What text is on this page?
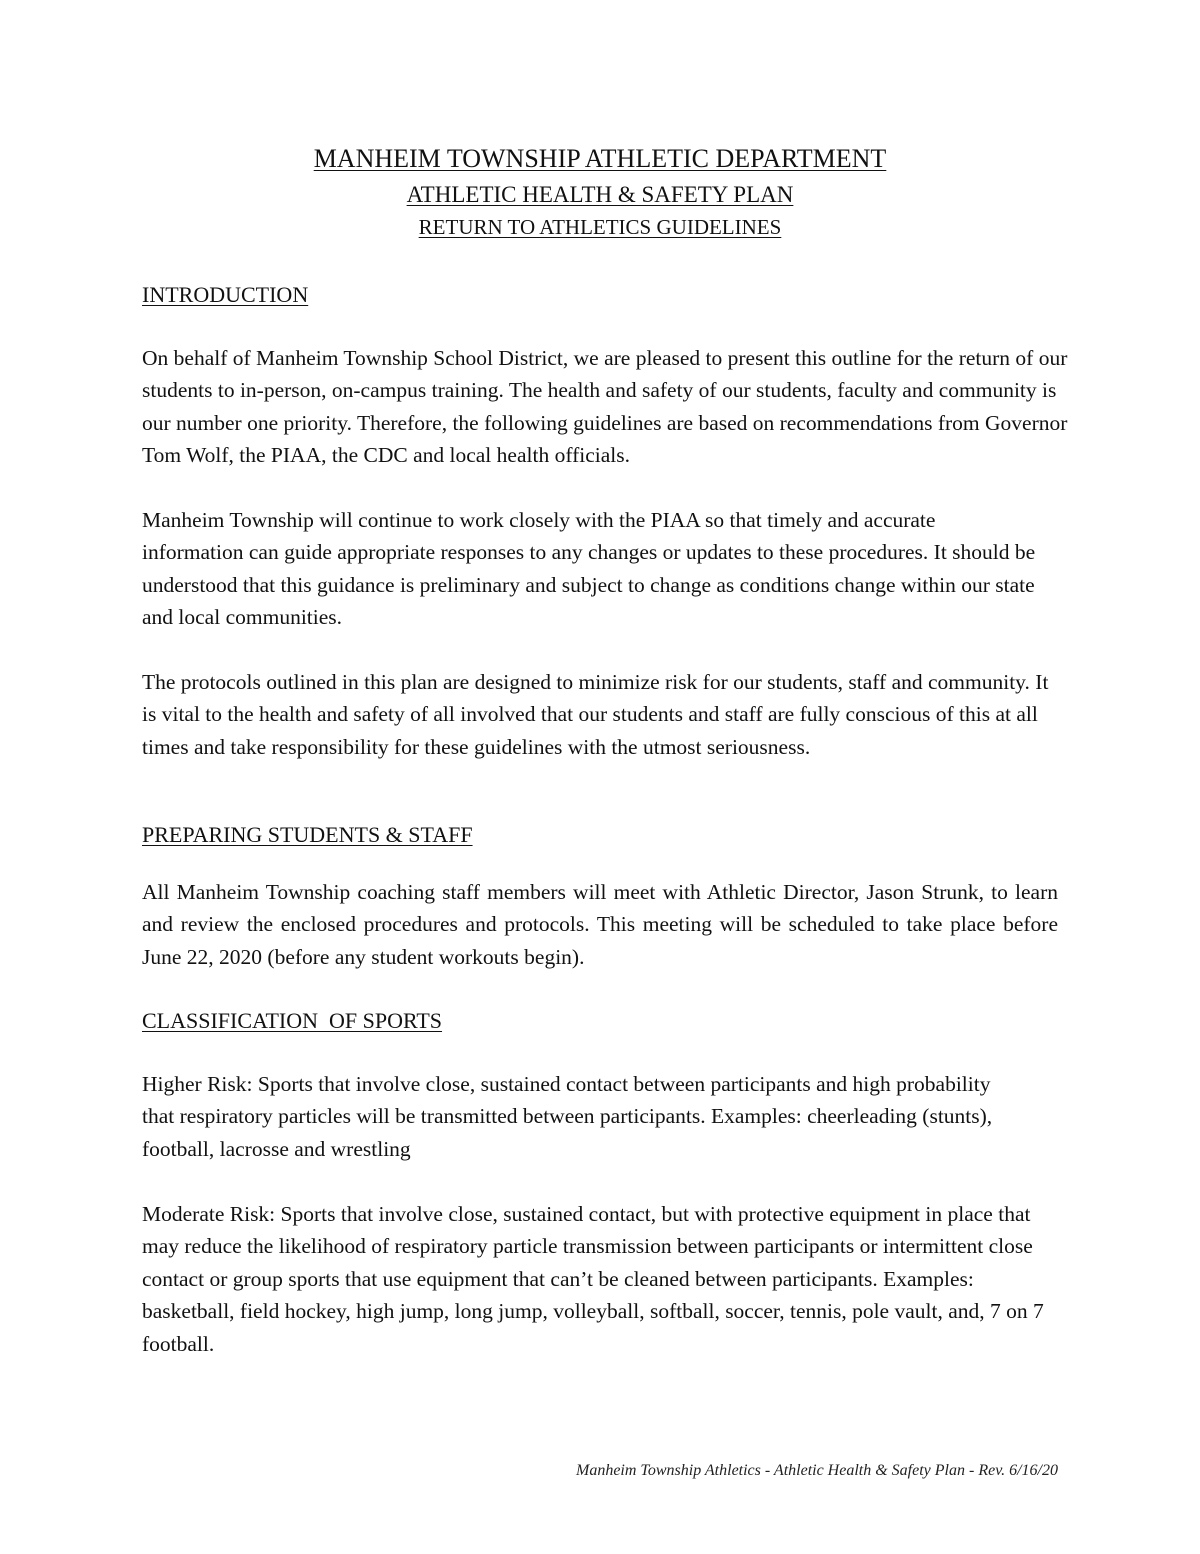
MANHEIM TOWNSHIP ATHLETIC DEPARTMENT
ATHLETIC HEALTH & SAFETY PLAN
RETURN TO ATHLETICS GUIDELINES
INTRODUCTION

On behalf of Manheim Township School District, we are pleased to present this outline for the return of our students to in-person, on-campus training. The health and safety of our students, faculty and community is our number one priority. Therefore, the following guidelines are based on recommendations from Governor Tom Wolf, the PIAA, the CDC and local health officials.

Manheim Township will continue to work closely with the PIAA so that timely and accurate information can guide appropriate responses to any changes or updates to these procedures. It should be understood that this guidance is preliminary and subject to change as conditions change within our state and local communities.

The protocols outlined in this plan are designed to minimize risk for our students, staff and community. It is vital to the health and safety of all involved that our students and staff are fully conscious of this at all times and take responsibility for these guidelines with the utmost seriousness.

PREPARING STUDENTS & STAFF

All Manheim Township coaching staff members will meet with Athletic Director, Jason Strunk, to learn and review the enclosed procedures and protocols. This meeting will be scheduled to take place before June 22, 2020 (before any student workouts begin).

CLASSIFICATION  OF SPORTS

Higher Risk: Sports that involve close, sustained contact between participants and high probability that respiratory particles will be transmitted between participants. Examples: cheerleading (stunts), football, lacrosse and wrestling

Moderate Risk: Sports that involve close, sustained contact, but with protective equipment in place that may reduce the likelihood of respiratory particle transmission between participants or intermittent close contact or group sports that use equipment that can’t be cleaned between participants. Examples: basketball, field hockey, high jump, long jump, volleyball, softball, soccer, tennis, pole vault, and, 7 on 7 football.

Manheim Township Athletics - Athletic Health & Safety Plan - Rev. 6/16/20
